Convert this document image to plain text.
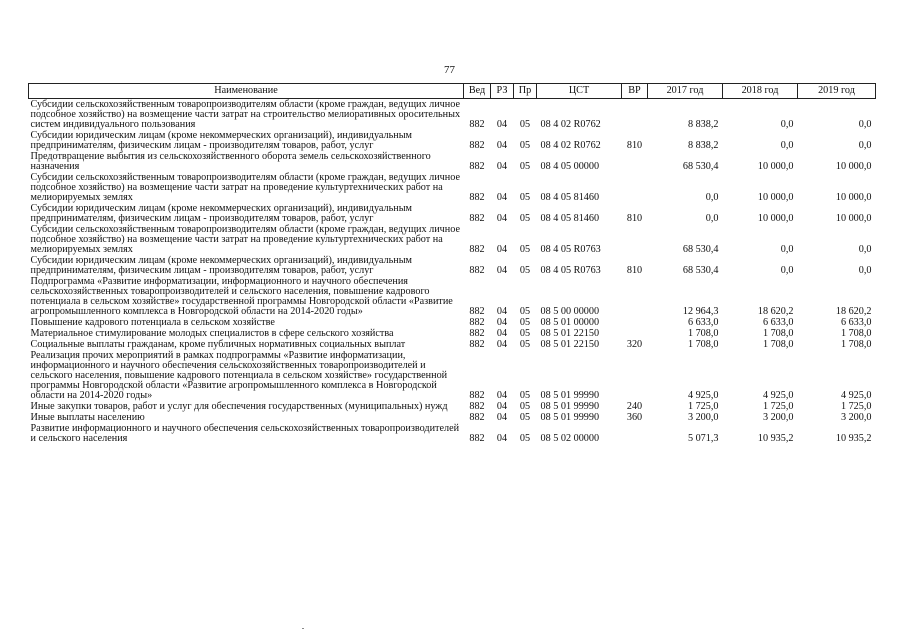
77
Наименование	Вед	РЗ	Пр	ЦСТ	ВР	2017 год	2018 год	2019 год
Субсидии сельскохозяйственным товаропроизводителям области (кроме граждан, ведущих личное подсобное хозяйство) на возмещение части затрат на строительство мелиоративных оросительных систем индивидуального пользования	882	04	05	08 4 02 R0762		8 838,2	0,0	0,0
Субсидии юридическим лицам (кроме некоммерческих организаций), индивидуальным предпринимателям, физическим лицам - производителям товаров, работ, услуг	882	04	05	08 4 02 R0762	810	8 838,2	0,0	0,0
Предотвращение выбытия из сельскохозяйственного оборота земель сельскохозяйственного назначения	882	04	05	08 4 05 00000		68 530,4	10 000,0	10 000,0
Субсидии сельскохозяйственным товаропроизводителям области (кроме граждан, ведущих личное подсобное хозяйство) на возмещение части затрат на проведение культуртехнических работ на мелиорируемых землях	882	04	05	08 4 05 81460		0,0	10 000,0	10 000,0
Субсидии юридическим лицам (кроме некоммерческих организаций), индивидуальным предпринимателям, физическим лицам - производителям товаров, работ, услуг	882	04	05	08 4 05 81460	810	0,0	10 000,0	10 000,0
Субсидии сельскохозяйственным товаропроизводителям области (кроме граждан, ведущих личное подсобное хозяйство) на возмещение части затрат на проведение культуртехнических работ на мелиорируемых землях	882	04	05	08 4 05 R0763		68 530,4	0,0	0,0
Субсидии юридическим лицам (кроме некоммерческих организаций), индивидуальным предпринимателям, физическим лицам - производителям товаров, работ, услуг	882	04	05	08 4 05 R0763	810	68 530,4	0,0	0,0
Подпрограмма «Развитие информатизации, информационного и научного обеспечения сельскохозяйственных товаропроизводителей и сельского населения, повышение кадрового потенциала в сельском хозяйстве» государственной программы Новгородской области «Развитие агропромышленного комплекса в Новгородской области на 2014-2020 годы»	882	04	05	08 5 00 00000		12 964,3	18 620,2	18 620,2
Повышение кадрового потенциала в сельском хозяйстве	882	04	05	08 5 01 00000		6 633,0	6 633,0	6 633,0
Материальное стимулирование молодых специалистов в сфере сельского хозяйства	882	04	05	08 5 01 22150		1 708,0	1 708,0	1 708,0
Социальные выплаты гражданам, кроме публичных нормативных социальных выплат	882	04	05	08 5 01 22150	320	1 708,0	1 708,0	1 708,0
Реализация прочих мероприятий в рамках подпрограммы «Развитие информатизации, информационного и научного обеспечения сельскохозяйственных товаропроизводителей и сельского населения, повышение кадрового потенциала в сельском хозяйстве» государственной программы Новгородской области «Развитие агропромышленного комплекса в Новгородской области на 2014-2020 годы»	882	04	05	08 5 01 99990		4 925,0	4 925,0	4 925,0
Иные закупки товаров, работ и услуг для обеспечения государственных (муниципальных) нужд	882	04	05	08 5 01 99990	240	1 725,0	1 725,0	1 725,0
Иные выплаты населению	882	04	05	08 5 01 99990	360	3 200,0	3 200,0	3 200,0
Развитие информационного и научного обеспечения сельскохозяйственных товаропроизводителей и сельского населения	882	04	05	08 5 02 00000		5 071,3	10 935,2	10 935,2
